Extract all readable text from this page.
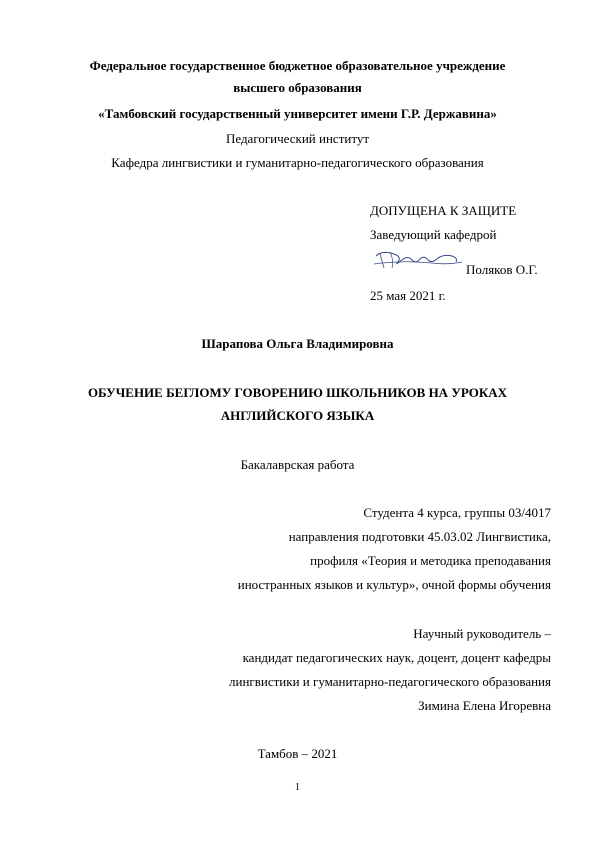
Федеральное государственное бюджетное образовательное учреждение
высшего образования
«Тамбовский государственный университет имени Г.Р. Державина»
Педагогический институт
Кафедра лингвистики и гуманитарно-педагогического образования
ДОПУЩЕНА К ЗАЩИТЕ
Заведующий кафедрой
Поляков О.Г.
25 мая 2021 г.
Шарапова Ольга Владимировна
ОБУЧЕНИЕ БЕГЛОМУ ГОВОРЕНИЮ ШКОЛЬНИКОВ НА УРОКАХ
АНГЛИЙСКОГО ЯЗЫКА
Бакалаврская работа
Студента 4 курса, группы 03/4017
направления подготовки 45.03.02 Лингвистика,
профиля «Теория и методика преподавания
иностранных языков и культур», очной формы обучения
Научный руководитель –
кандидат педагогических наук, доцент, доцент кафедры
лингвистики и гуманитарно-педагогического образования
Зимина Елена Игоревна
Тамбов – 2021
1
